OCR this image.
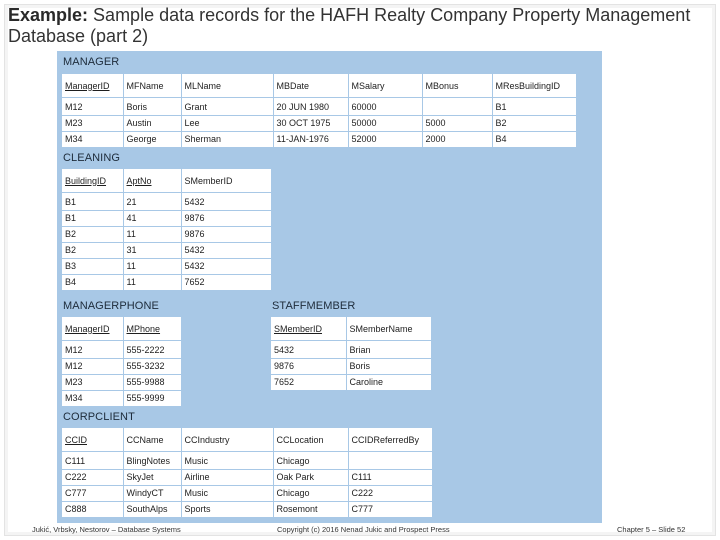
Example: Sample data records for the HAFH Realty Company Property Management Database (part 2)
MANAGER
ManagerID	MFName	MLName	MBDate	MSalary	MBonus	MResBuildingID
M12	Boris	Grant	20 JUN 1980	60000		B1
M23	Austin	Lee	30 OCT 1975	50000	5000	B2
M34	George	Sherman	11-JAN-1976	52000	2000	B4
CLEANING
BuildingID	AptNo	SMemberID
B1	21	5432
B1	41	9876
B2	11	9876
B2	31	5432
B3	11	5432
B4	11	7652
MANAGERPHONE
ManagerID	MPhone
M12	555-2222
M12	555-3232
M23	555-9988
M34	555-9999
STAFFMEMBER
SMemberID	SMemberName
5432	Brian
9876	Boris
7652	Caroline
CORPCLIENT
CCID	CCName	CCIndustry	CCLocation	CCIDReferredBy
C111	BlingNotes	Music	Chicago	
C222	SkyJet	Airline	Oak Park	C111
C777	WindyCT	Music	Chicago	C222
C888	SouthAlps	Sports	Rosemont	C777
Jukić, Vrbsky, Nestorov – Database Systems	Copyright (c) 2016 Nenad Jukic and Prospect Press	Chapter 5 – Slide 52
